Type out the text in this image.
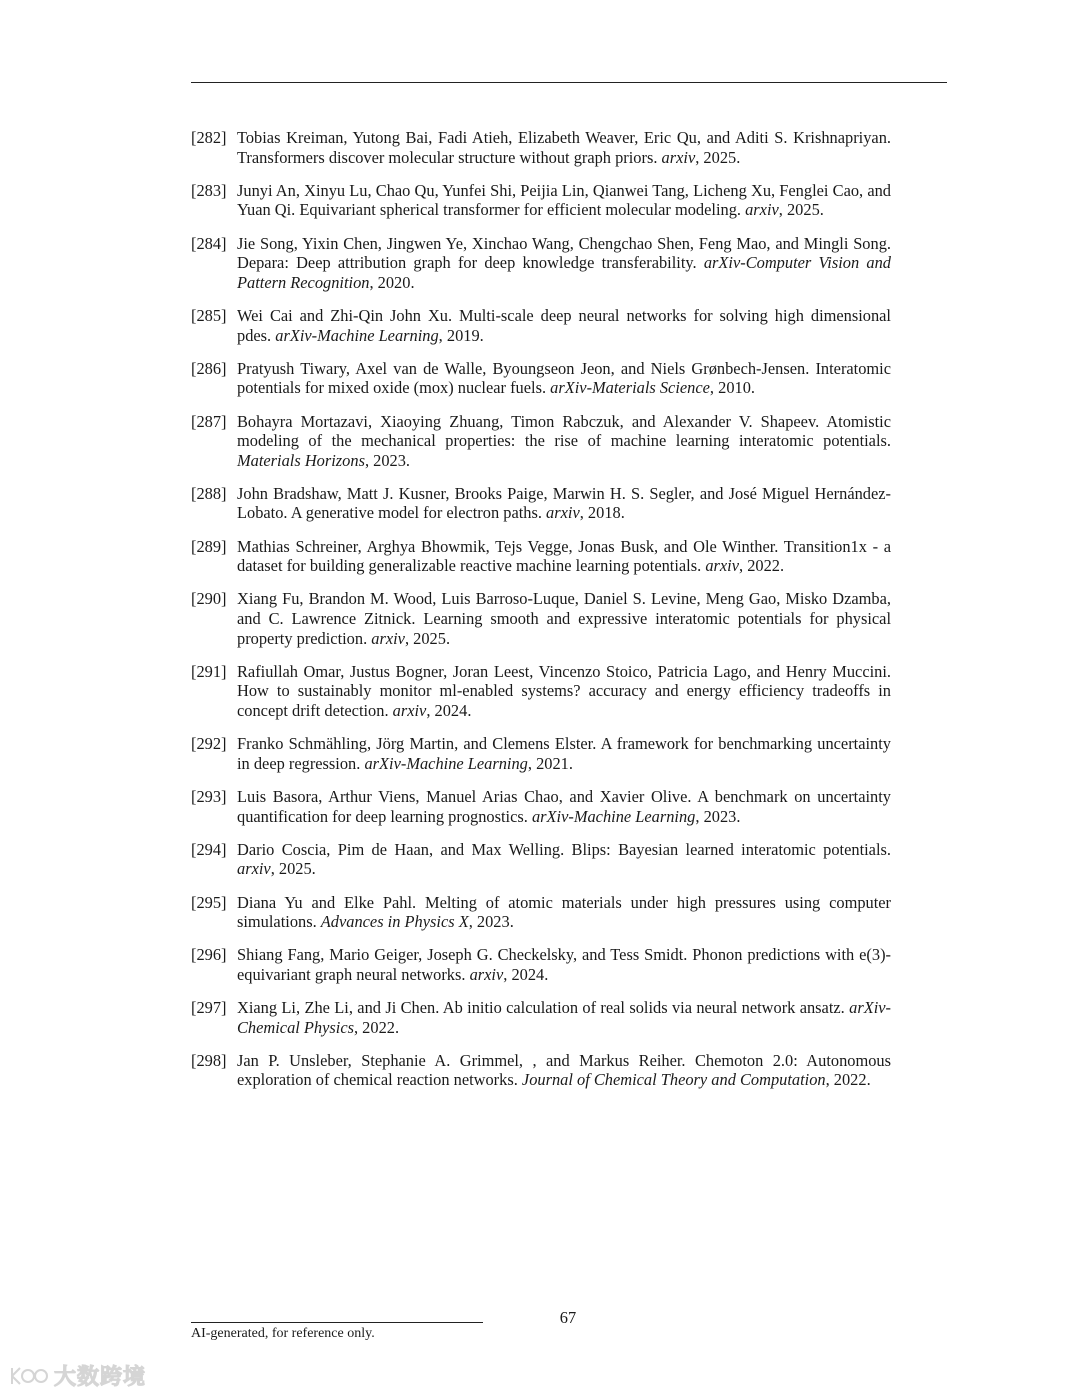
[282] Tobias Kreiman, Yutong Bai, Fadi Atieh, Elizabeth Weaver, Eric Qu, and Aditi S. Krishnapriyan. Transformers discover molecular structure without graph priors. arxiv, 2025.
[283] Junyi An, Xinyu Lu, Chao Qu, Yunfei Shi, Peijia Lin, Qianwei Tang, Licheng Xu, Fenglei Cao, and Yuan Qi. Equivariant spherical transformer for efficient molecular modeling. arxiv, 2025.
[284] Jie Song, Yixin Chen, Jingwen Ye, Xinchao Wang, Chengchao Shen, Feng Mao, and Mingli Song. Depara: Deep attribution graph for deep knowledge transferability. arXiv-Computer Vision and Pattern Recognition, 2020.
[285] Wei Cai and Zhi-Qin John Xu. Multi-scale deep neural networks for solving high dimensional pdes. arXiv-Machine Learning, 2019.
[286] Pratyush Tiwary, Axel van de Walle, Byoungseon Jeon, and Niels Grønbech-Jensen. Interatomic potentials for mixed oxide (mox) nuclear fuels. arXiv-Materials Science, 2010.
[287] Bohayra Mortazavi, Xiaoying Zhuang, Timon Rabczuk, and Alexander V. Shapeev. Atomistic modeling of the mechanical properties: the rise of machine learning interatomic potentials. Materials Horizons, 2023.
[288] John Bradshaw, Matt J. Kusner, Brooks Paige, Marwin H. S. Segler, and José Miguel Hernández-Lobato. A generative model for electron paths. arxiv, 2018.
[289] Mathias Schreiner, Arghya Bhowmik, Tejs Vegge, Jonas Busk, and Ole Winther. Transition1x - a dataset for building generalizable reactive machine learning potentials. arxiv, 2022.
[290] Xiang Fu, Brandon M. Wood, Luis Barroso-Luque, Daniel S. Levine, Meng Gao, Misko Dzamba, and C. Lawrence Zitnick. Learning smooth and expressive interatomic potentials for physical property prediction. arxiv, 2025.
[291] Rafiullah Omar, Justus Bogner, Joran Leest, Vincenzo Stoico, Patricia Lago, and Henry Muccini. How to sustainably monitor ml-enabled systems? accuracy and energy efficiency tradeoffs in concept drift detection. arxiv, 2024.
[292] Franko Schmähling, Jörg Martin, and Clemens Elster. A framework for benchmarking uncertainty in deep regression. arXiv-Machine Learning, 2021.
[293] Luis Basora, Arthur Viens, Manuel Arias Chao, and Xavier Olive. A benchmark on uncertainty quantification for deep learning prognostics. arXiv-Machine Learning, 2023.
[294] Dario Coscia, Pim de Haan, and Max Welling. Blips: Bayesian learned interatomic potentials. arxiv, 2025.
[295] Diana Yu and Elke Pahl. Melting of atomic materials under high pressures using computer simulations. Advances in Physics X, 2023.
[296] Shiang Fang, Mario Geiger, Joseph G. Checkelsky, and Tess Smidt. Phonon predictions with e(3)-equivariant graph neural networks. arxiv, 2024.
[297] Xiang Li, Zhe Li, and Ji Chen. Ab initio calculation of real solids via neural network ansatz. arXiv-Chemical Physics, 2022.
[298] Jan P. Unsleber, Stephanie A. Grimmel, , and Markus Reiher. Chemoton 2.0: Autonomous exploration of chemical reaction networks. Journal of Chemical Theory and Computation, 2022.
67
AI-generated, for reference only.
大数跨境
